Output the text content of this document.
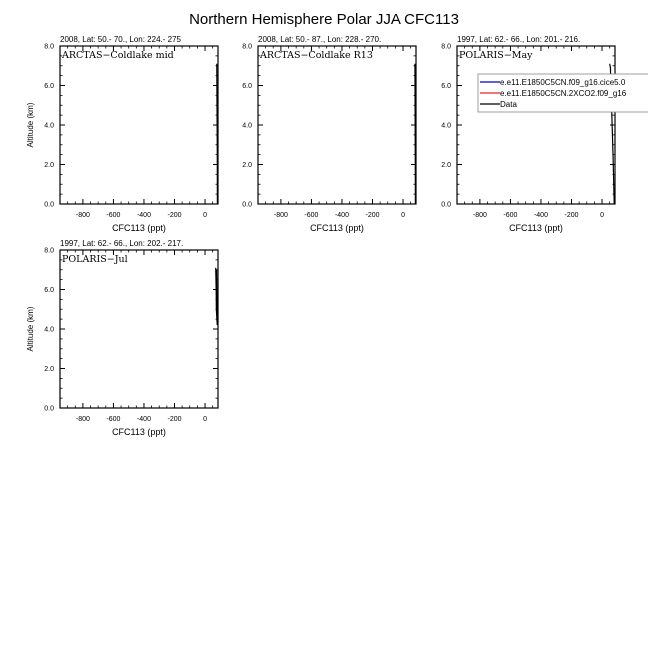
Northern Hemisphere Polar JJA CFC113
2008, Lat: 50.- 70., Lon: 224.- 275
-800 -600 -400 -200	0
0.0
2.0
4.0
6.0
8.0
CFC113 (ppt)
Altitude (km)
ARCTAS−Coldlake mid
2008, Lat: 50.- 87., Lon: 228.- 270.
-800 -600 -400 -200	0
0.0
2.0
4.0
6.0
8.0
CFC113 (ppt)
ARCTAS−Coldlake R13
1997, Lat: 62.- 66., Lon: 201.- 216.
-800 -600 -400 -200	0
0.0
2.0
4.0
6.0
8.0
CFC113 (ppt)
POLARIS−May
e.e11.E1850C5CN.f09_g16.cice5.0
e.e11.E1850C5CN.2XCO2.f09_g16
Data
1997, Lat: 62.- 66., Lon: 202.- 217.
-800 -600 -400 -200	0
0.0
2.0
4.0
6.0
8.0
CFC113 (ppt)
Altitude (km)
POLARIS−Jul
